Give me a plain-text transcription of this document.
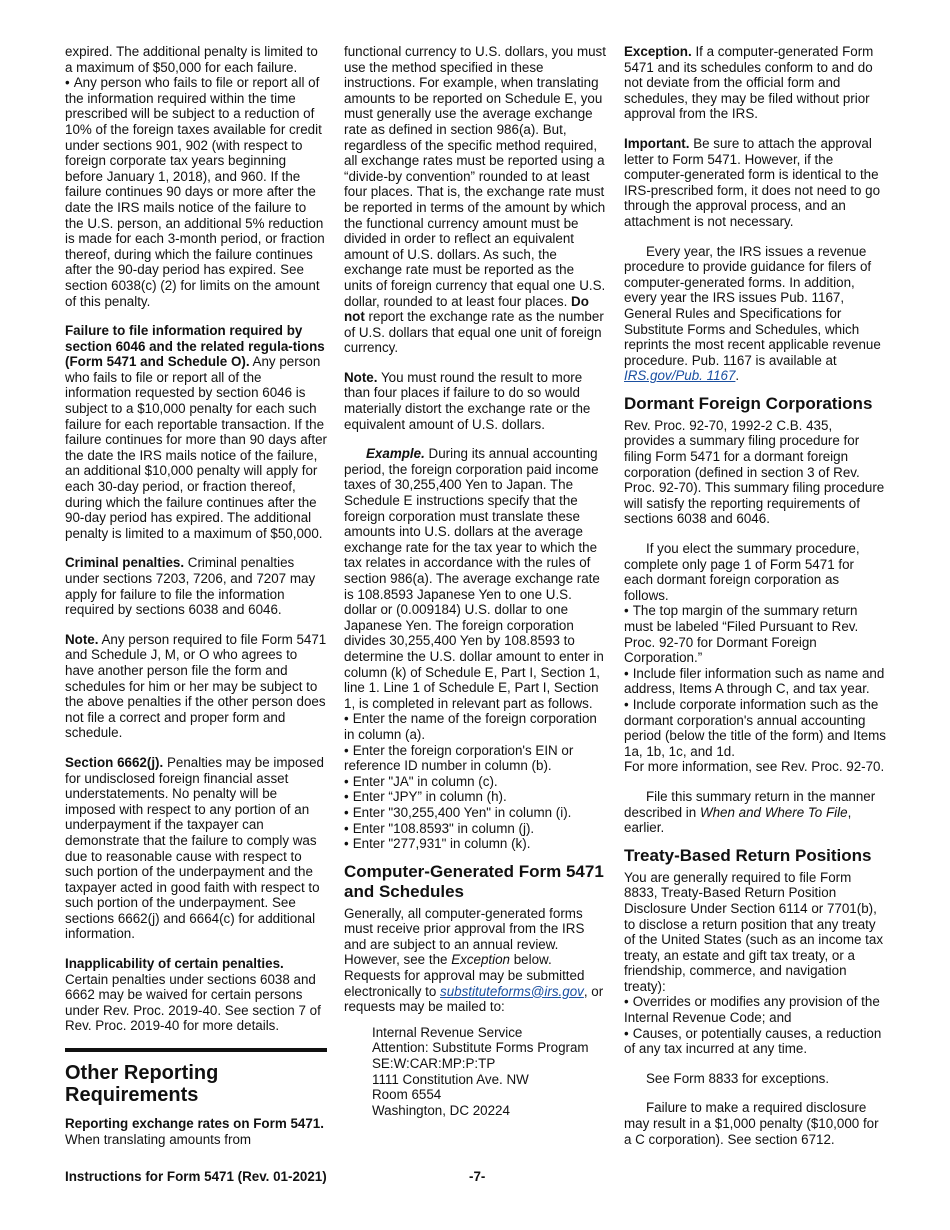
expired. The additional penalty is limited to a maximum of $50,000 for each failure.

• Any person who fails to file or report all of the information required within the time prescribed will be subject to a reduction of 10% of the foreign taxes available for credit under sections 901, 902 (with respect to foreign corporate tax years beginning before January 1, 2018), and 960. If the failure continues 90 days or more after the date the IRS mails notice of the failure to the U.S. person, an additional 5% reduction is made for each 3-month period, or fraction thereof, during which the failure continues after the 90-day period has expired. See section 6038(c) (2) for limits on the amount of this penalty.

Failure to file information required by section 6046 and the related regula-tions (Form 5471 and Schedule O). Any person who fails to file or report all of the information requested by section 6046 is subject to a $10,000 penalty for each such failure for each reportable transaction. If the failure continues for more than 90 days after the date the IRS mails notice of the failure, an additional $10,000 penalty will apply for each 30-day period, or fraction thereof, during which the failure continues after the 90-day period has expired. The additional penalty is limited to a maximum of $50,000.

Criminal penalties. Criminal penalties under sections 7203, 7206, and 7207 may apply for failure to file the information required by sections 6038 and 6046.

Note. Any person required to file Form 5471 and Schedule J, M, or O who agrees to have another person file the form and schedules for him or her may be subject to the above penalties if the other person does not file a correct and proper form and schedule.

Section 6662(j). Penalties may be imposed for undisclosed foreign financial asset understatements. No penalty will be imposed with respect to any portion of an underpayment if the taxpayer can demonstrate that the failure to comply was due to reasonable cause with respect to such portion of the underpayment and the taxpayer acted in good faith with respect to such portion of the underpayment. See sections 6662(j) and 6664(c) for additional information.

Inapplicability of certain penalties. Certain penalties under sections 6038 and 6662 may be waived for certain persons under Rev. Proc. 2019-40. See section 7 of Rev. Proc. 2019-40 for more details.

Other Reporting Requirements

Reporting exchange rates on Form 5471. When translating amounts from

functional currency to U.S. dollars, you must use the method specified in these instructions. For example, when translating amounts to be reported on Schedule E, you must generally use the average exchange rate as defined in section 986(a). But, regardless of the specific method required, all exchange rates must be reported using a “divide-by convention” rounded to at least four places. That is, the exchange rate must be reported in terms of the amount by which the functional currency amount must be divided in order to reflect an equivalent amount of U.S. dollars. As such, the exchange rate must be reported as the units of foreign currency that equal one U.S. dollar, rounded to at least four places. Do not report the exchange rate as the number of U.S. dollars that equal one unit of foreign currency.

Note. You must round the result to more than four places if failure to do so would materially distort the exchange rate or the equivalent amount of U.S. dollars.

Example. During its annual accounting period, the foreign corporation paid income taxes of 30,255,400 Yen to Japan. The Schedule E instructions specify that the foreign corporation must translate these amounts into U.S. dollars at the average exchange rate for the tax year to which the tax relates in accordance with the rules of section 986(a). The average exchange rate is 108.8593 Japanese Yen to one U.S. dollar or (0.009184) U.S. dollar to one Japanese Yen. The foreign corporation divides 30,255,400 Yen by 108.8593 to determine the U.S. dollar amount to enter in column (k) of Schedule E, Part I, Section 1, line 1. Line 1 of Schedule E, Part I, Section 1, is completed in relevant part as follows.

• Enter the name of the foreign corporation in column (a).

• Enter the foreign corporation's EIN or reference ID number in column (b).

• Enter "JA" in column (c).

• Enter “JPY” in column (h).

• Enter "30,255,400 Yen" in column (i).

• Enter "108.8593" in column (j).

• Enter "277,931" in column (k).

Computer-Generated Form 5471 and Schedules

Generally, all computer-generated forms must receive prior approval from the IRS and are subject to an annual review. However, see the Exception below. Requests for approval may be submitted electronically to substituteforms@irs.gov, or requests may be mailed to:

Internal Revenue Service
Attention: Substitute Forms Program
SE:W:CAR:MP:P:TP
1111 Constitution Ave. NW
Room 6554
Washington, DC 20224

Exception. If a computer-generated Form 5471 and its schedules conform to and do not deviate from the official form and schedules, they may be filed without prior approval from the IRS.

Important. Be sure to attach the approval letter to Form 5471. However, if the computer-generated form is identical to the IRS-prescribed form, it does not need to go through the approval process, and an attachment is not necessary.

Every year, the IRS issues a revenue procedure to provide guidance for filers of computer-generated forms. In addition, every year the IRS issues Pub. 1167, General Rules and Specifications for Substitute Forms and Schedules, which reprints the most recent applicable revenue procedure. Pub. 1167 is available at IRS.gov/Pub. 1167.

Dormant Foreign Corporations

Rev. Proc. 92-70, 1992-2 C.B. 435, provides a summary filing procedure for filing Form 5471 for a dormant foreign corporation (defined in section 3 of Rev. Proc. 92-70). This summary filing procedure will satisfy the reporting requirements of sections 6038 and 6046.

If you elect the summary procedure, complete only page 1 of Form 5471 for each dormant foreign corporation as follows.

• The top margin of the summary return must be labeled “Filed Pursuant to Rev. Proc. 92-70 for Dormant Foreign Corporation.”

• Include filer information such as name and address, Items A through C, and tax year.

• Include corporate information such as the dormant corporation's annual accounting period (below the title of the form) and Items 1a, 1b, 1c, and 1d.

For more information, see Rev. Proc. 92-70.

File this summary return in the manner described in When and Where To File, earlier.

Treaty-Based Return Positions

You are generally required to file Form 8833, Treaty-Based Return Position Disclosure Under Section 6114 or 7701(b), to disclose a return position that any treaty of the United States (such as an income tax treaty, an estate and gift tax treaty, or a friendship, commerce, and navigation treaty):

• Overrides or modifies any provision of the Internal Revenue Code; and

• Causes, or potentially causes, a reduction of any tax incurred at any time.

See Form 8833 for exceptions.

Failure to make a required disclosure may result in a $1,000 penalty ($10,000 for a C corporation). See section 6712.

Instructions for Form 5471 (Rev. 01-2021)	-7-
